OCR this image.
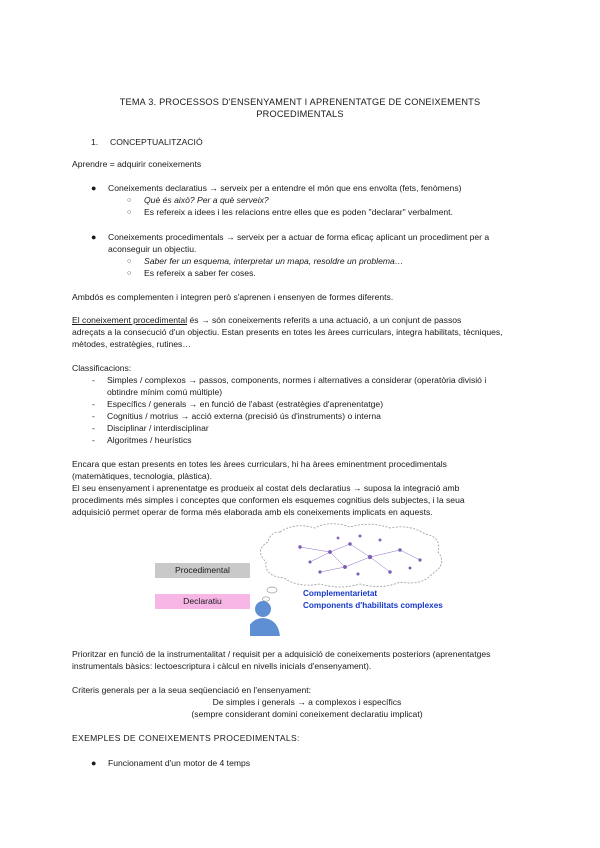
TEMA 3. PROCESSOS D'ENSENYAMENT I APRENENTATGE DE CONEIXEMENTS
PROCEDIMENTALS
1. CONCEPTUALITZACIÓ
Aprendre = adquirir coneixements
● Coneixements declaratius → serveix per a entendre el món que ens envolta (fets, fenòmens)
○ Què és això? Per a què serveix?
○ Es refereix a idees i les relacions entre elles que es poden "declarar" verbalment.
● Coneixements procedimentals → serveix per a actuar de forma eficaç aplicant un procediment per a
aconseguir un objectiu.
○ Saber fer un esquema, interpretar un mapa, resoldre un problema…
○ Es refereix a saber fer coses.
Ambdós es complementen i integren però s'aprenen i ensenyen de formes diferents.
El coneixement procedimental és → són coneixements referits a una actuació, a un conjunt de passos
adreçats a la consecució d'un objectiu. Estan presents en totes les àrees curriculars, integra habilitats, tècniques,
mètodes, estratègies, rutines…
Classificacions:
- Simples / complexos → passos, components, normes i alternatives a considerar (operatòria divisió i
obtindre mínim comú múltiple)
- Específics / generals → en funció de l'abast (estratègies d'aprenentatge)
- Cognitius / motrius → acció externa (precisió ús d'instruments) o interna
- Disciplinar / interdisciplinar
- Algoritmes / heurístics
Encara que estan presents en totes les àrees curriculars, hi ha àrees eminentment procedimentals
(matemàtiques, tecnologia, plàstica).
El seu ensenyament i aprenentatge es produeix al costat dels declaratius → suposa la integració amb
procediments més simples i conceptes que conformen els esquemes cognitius dels subjectes, i la seua
adquisició permet operar de forma més elaborada amb els coneixements implicats en aquests.
Procedimental
Declaratiu
Complementarietat
Components d'habilitats complexes
Prioritzar en funció de la instrumentalitat / requisit per a adquisició de coneixements posteriors (aprenentatges
instrumentals bàsics: lectoescriptura i càlcul en nivells inicials d'ensenyament).
Criteris generals per a la seua seqüenciació en l'ensenyament:
De simples i generals → a complexos i específics
(sempre considerant domini coneixement declaratiu implicat)
EXEMPLES DE CONEIXEMENTS PROCEDIMENTALS:
● Funcionament d'un motor de 4 temps
